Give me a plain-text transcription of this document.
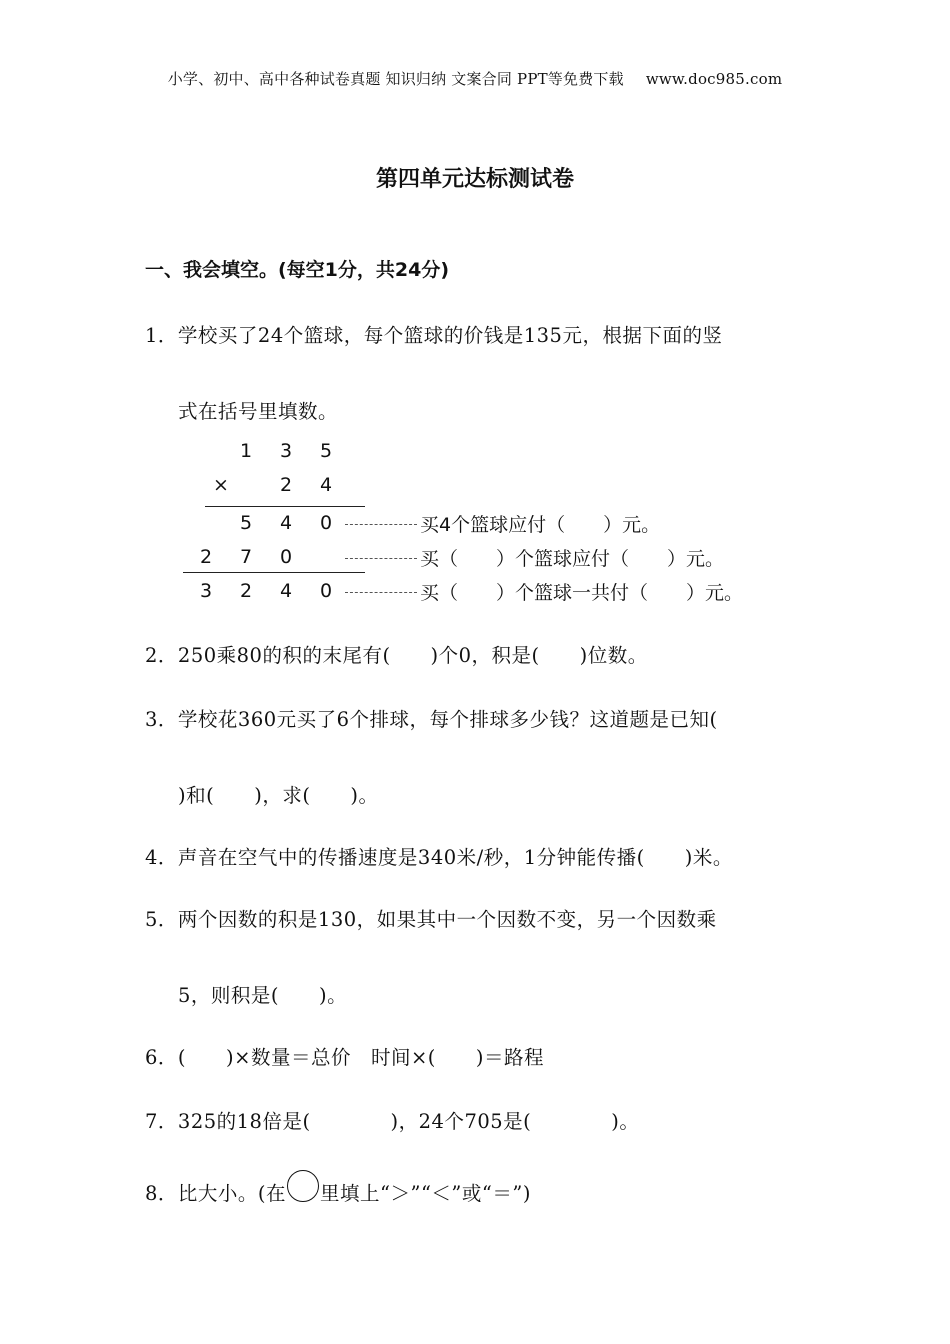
小学、初中、高中各种试卷真题 知识归纳 文案合同 PPT等免费下载 www.doc985.com
第四单元达标测试卷
一、我会填空。(每空1分，共24分)
1．学校买了24个篮球，每个篮球的价钱是135元，根据下面的竖
式在括号里填数。
1 3 5
×	2 4
5 4 0	买4个篮球应付（　　）元。
2 7 0	买（　　）个篮球应付（　　）元。
3 2 4 0	买（　　）个篮球一共付（　　）元。
2．250乘80的积的末尾有(　　)个0，积是(　　)位数。
3．学校花360元买了6个排球，每个排球多少钱？这道题是已知(
)和(　　)，求(　　)。
4．声音在空气中的传播速度是340米/秒，1分钟能传播(　　)米。
5．两个因数的积是130，如果其中一个因数不变，另一个因数乘
5，则积是(　　)。
6．(　　)×数量＝总价　时间×(　　)＝路程
7．325的18倍是(　　　　)，24个705是(　　　　)。
8．比大小。(在 里填上“＞”“＜”或“＝”)
